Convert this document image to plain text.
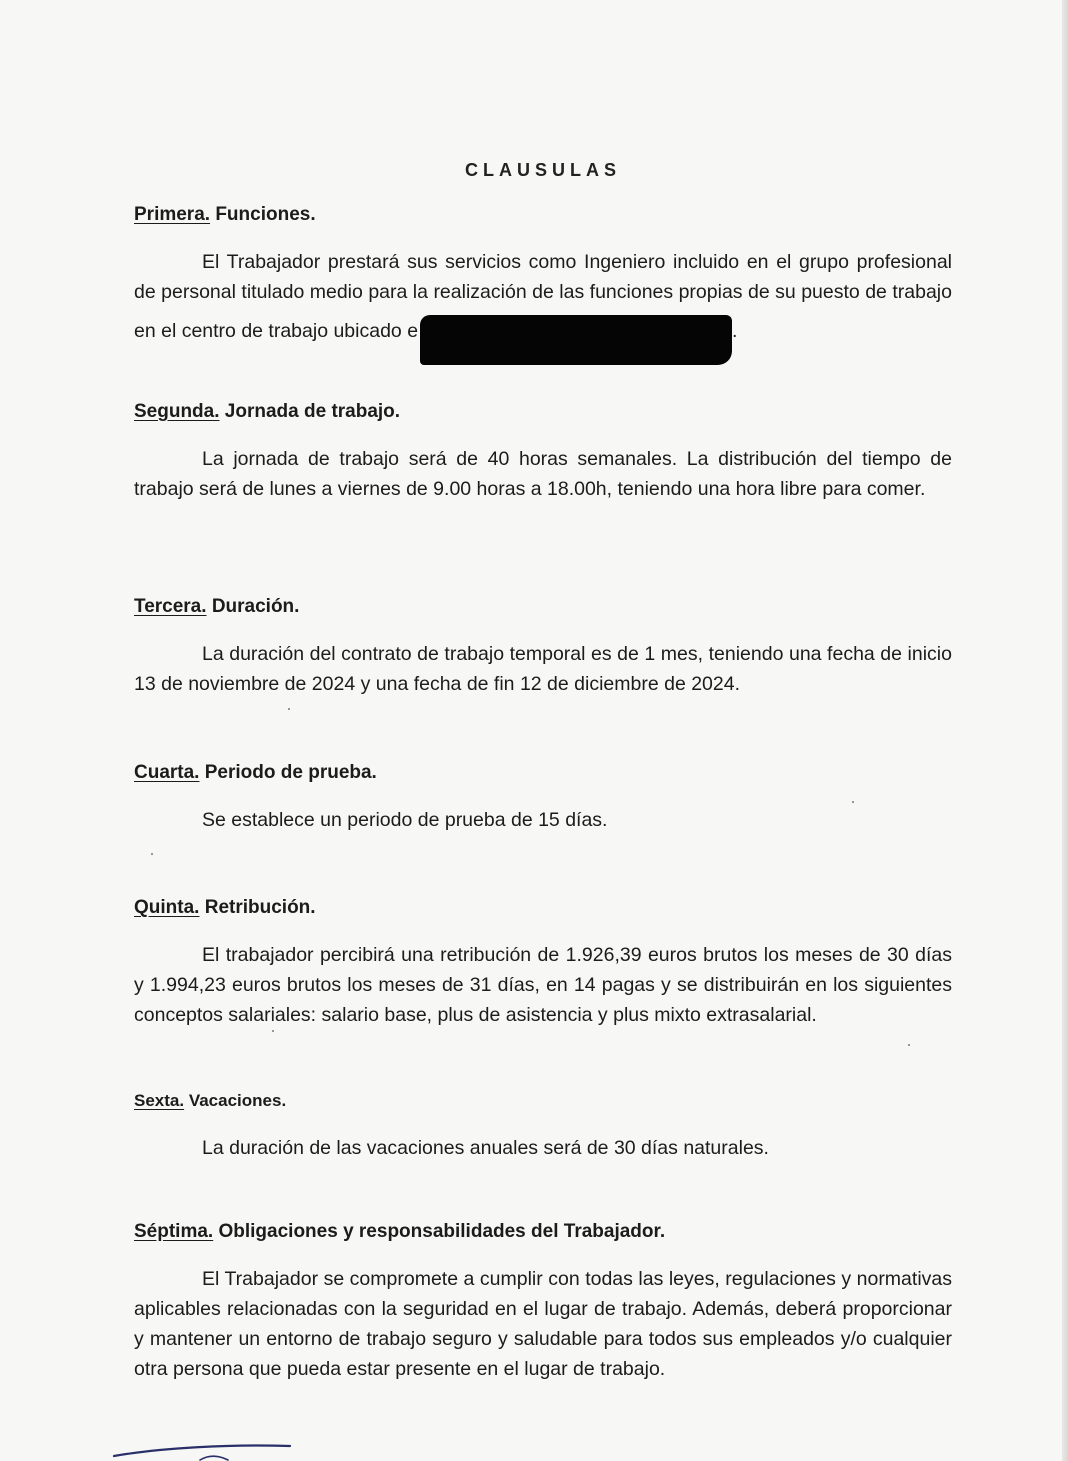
CLAUSULAS

Primera. Funciones.

El Trabajador prestará sus servicios como Ingeniero incluido en el grupo profesional de personal titulado medio para la realización de las funciones propias de su puesto de trabajo en el centro de trabajo ubicado e	.

Segunda. Jornada de trabajo.

La jornada de trabajo será de 40 horas semanales. La distribución del tiempo de trabajo será de lunes a viernes de 9.00 horas a 18.00h, teniendo una hora libre para comer.

Tercera. Duración.

La duración del contrato de trabajo temporal es de 1 mes, teniendo una fecha de inicio 13 de noviembre de 2024 y una fecha de fin 12 de diciembre de 2024.

Cuarta. Periodo de prueba.

Se establece un periodo de prueba de 15 días.

Quinta. Retribución.

El trabajador percibirá una retribución de 1.926,39 euros brutos los meses de 30 días y 1.994,23 euros brutos los meses de 31 días, en 14 pagas y se distribuirán en los siguientes conceptos salariales: salario base, plus de asistencia y plus mixto extrasalarial.

Sexta. Vacaciones.

La duración de las vacaciones anuales será de 30 días naturales.

Séptima. Obligaciones y responsabilidades del Trabajador.

El Trabajador se compromete a cumplir con todas las leyes, regulaciones y normativas aplicables relacionadas con la seguridad en el lugar de trabajo. Además, deberá proporcionar y mantener un entorno de trabajo seguro y saludable para todos sus empleados y/o cualquier otra persona que pueda estar presente en el lugar de trabajo.
